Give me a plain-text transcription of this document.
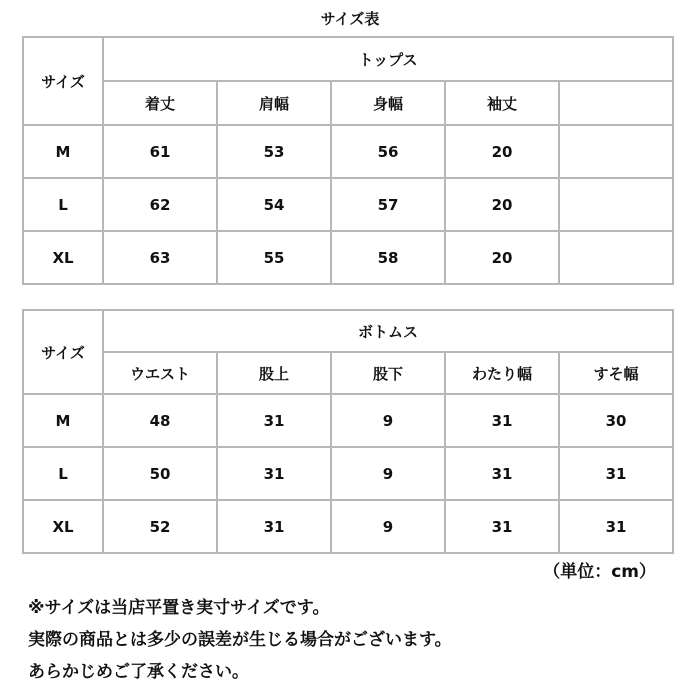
サイズ表
サイズ	トップス				
	着丈	肩幅	身幅	袖丈	
M	61	53	56	20	
L	62	54	57	20	
XL	63	55	58	20	
サイズ	ボトムス				
	ウエスト	股上	股下	わたり幅	すそ幅
M	48	31	9	31	30
L	50	31	9	31	31
XL	52	31	9	31	31
（単位：cm）
※サイズは当店平置き実寸サイズです。
実際の商品とは多少の誤差が生じる場合がございます。
あらかじめご了承ください。
